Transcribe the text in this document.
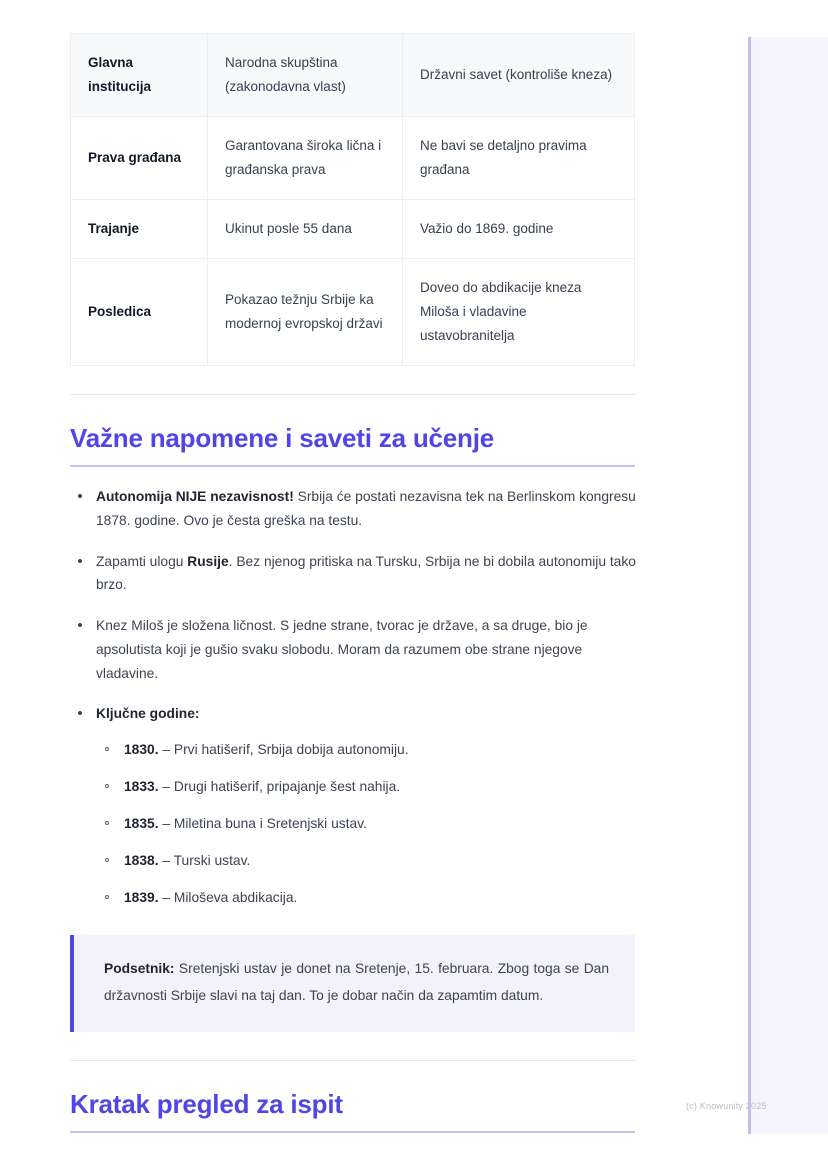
Glavna institucija	Narodna skupština (zakonodavna vlast)	Državni savet (kontroliše kneza)
Prava građana	Garantovana široka lična i građanska prava	Ne bavi se detaljno pravima građana
Trajanje	Ukinut posle 55 dana	Važio do 1869. godine
Posledica	Pokazao težnju Srbije ka modernoj evropskoj državi	Doveo do abdikacije kneza Miloša i vladavine ustavobranitelja
Važne napomene i saveti za učenje
Autonomija NIJE nezavisnost! Srbija će postati nezavisna tek na Berlinskom kongresu 1878. godine. Ovo je česta greška na testu.
Zapamti ulogu Rusije. Bez njenog pritiska na Tursku, Srbija ne bi dobila autonomiju tako brzo.
Knez Miloš je složena ličnost. S jedne strane, tvorac je države, a sa druge, bio je apsolutista koji je gušio svaku slobodu. Moram da razumem obe strane njegove vladavine.
Ključne godine:
1830. – Prvi hatišerif, Srbija dobija autonomiju.
1833. – Drugi hatišerif, pripajanje šest nahija.
1835. – Miletina buna i Sretenjski ustav.
1838. – Turski ustav.
1839. – Miloševa abdikacija.

Podsetnik: Sretenjski ustav je donet na Sretenje, 15. februara. Zbog toga se Dan državnosti Srbije slavi na taj dan. To je dobar način da zapamtim datum.

Kratak pregled za ispit	(c) Knowunity 2025
